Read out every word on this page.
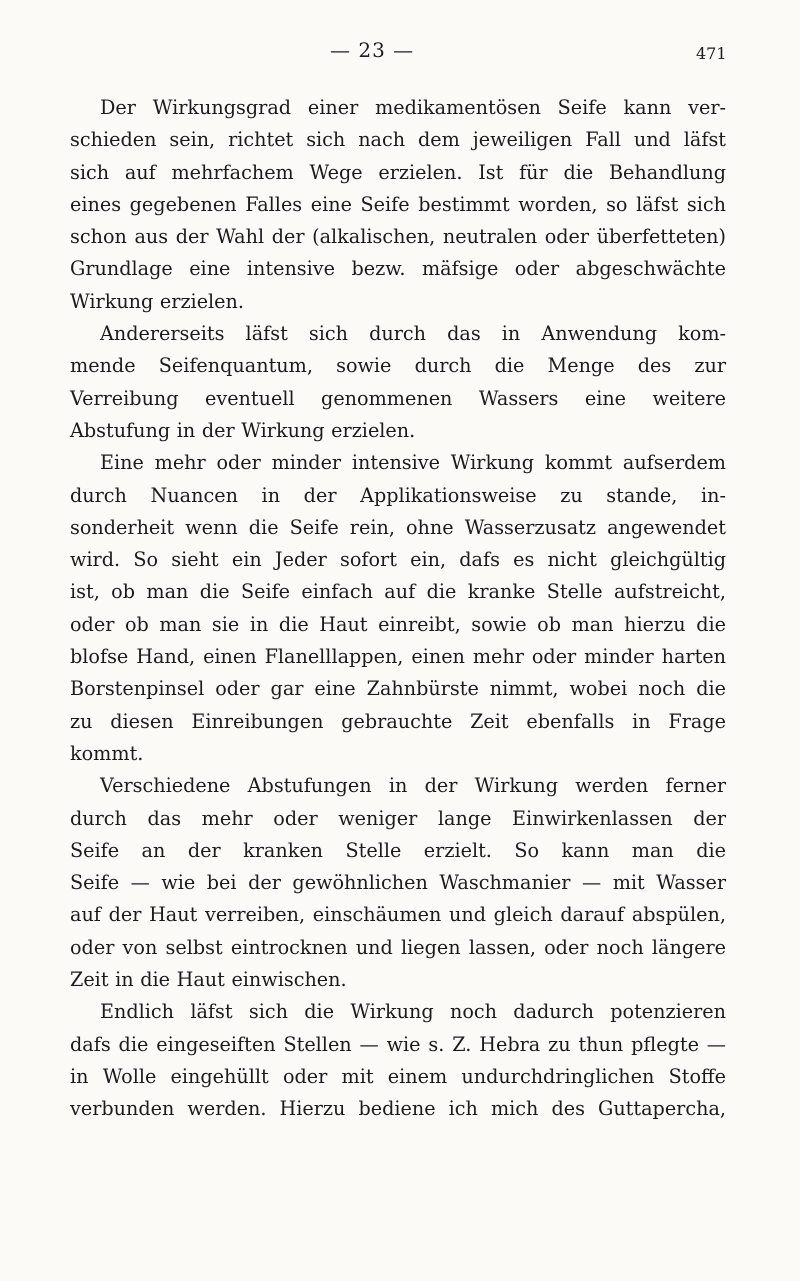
— 23 —	471
Der Wirkungsgrad einer medikamentösen Seife kann ver-
schieden sein, richtet sich nach dem jeweiligen Fall und läfst
sich auf mehrfachem Wege erzielen. Ist für die Behandlung
eines gegebenen Falles eine Seife bestimmt worden, so läfst sich
schon aus der Wahl der (alkalischen, neutralen oder überfetteten)
Grundlage eine intensive bezw. mäfsige oder abgeschwächte
Wirkung erzielen.
Andererseits läfst sich durch das in Anwendung kom-
mende Seifenquantum, sowie durch die Menge des zur
Verreibung eventuell genommenen Wassers eine weitere
Abstufung in der Wirkung erzielen.
Eine mehr oder minder intensive Wirkung kommt aufserdem
durch Nuancen in der Applikationsweise zu stande, in-
sonderheit wenn die Seife rein, ohne Wasserzusatz angewendet
wird. So sieht ein Jeder sofort ein, dafs es nicht gleichgültig
ist, ob man die Seife einfach auf die kranke Stelle aufstreicht,
oder ob man sie in die Haut einreibt, sowie ob man hierzu die
blofse Hand, einen Flanelllappen, einen mehr oder minder harten
Borstenpinsel oder gar eine Zahnbürste nimmt, wobei noch die
zu diesen Einreibungen gebrauchte Zeit ebenfalls in Frage
kommt.
Verschiedene Abstufungen in der Wirkung werden ferner
durch das mehr oder weniger lange Einwirkenlassen der
Seife an der kranken Stelle erzielt. So kann man die
Seife — wie bei der gewöhnlichen Waschmanier — mit Wasser
auf der Haut verreiben, einschäumen und gleich darauf abspülen,
oder von selbst eintrocknen und liegen lassen, oder noch längere
Zeit in die Haut einwischen.
Endlich läfst sich die Wirkung noch dadurch potenzieren
dafs die eingeseiften Stellen — wie s. Z. Hebra zu thun pflegte —
in Wolle eingehüllt oder mit einem undurchdringlichen Stoffe
verbunden werden. Hierzu bediene ich mich des Guttapercha,
